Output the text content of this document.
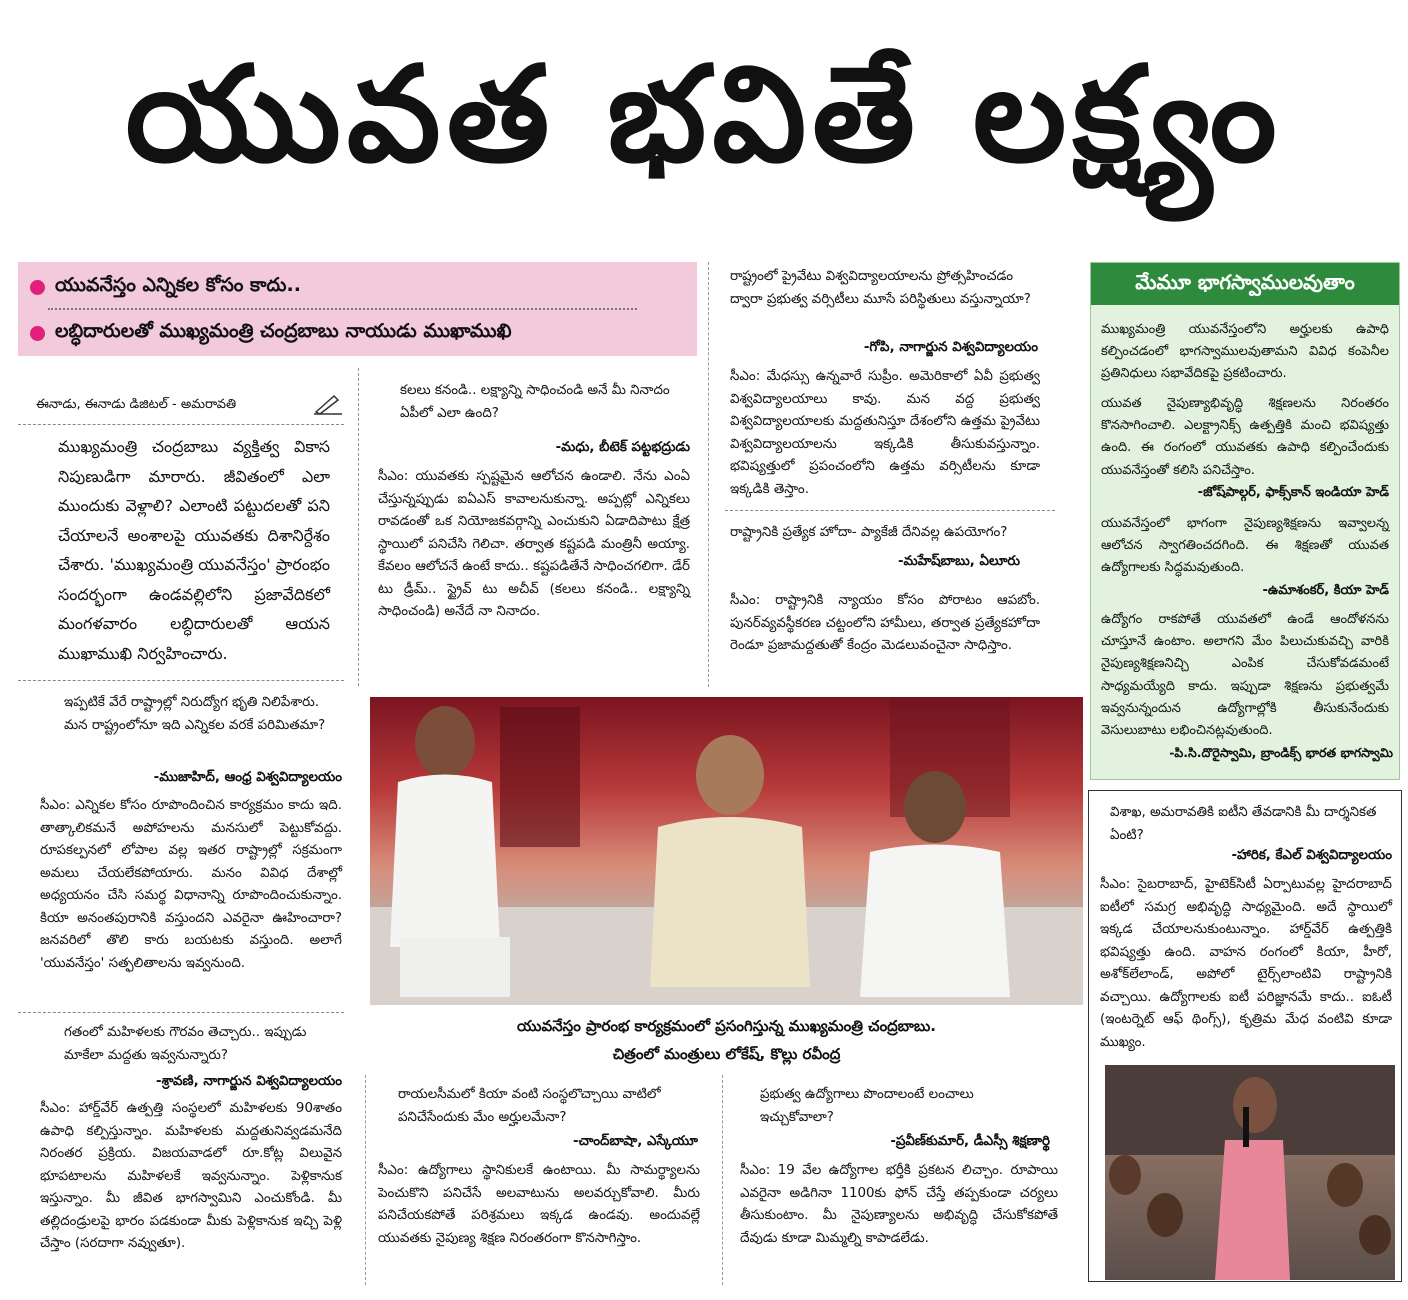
యువత భవితే లక్ష్యం
యువనేస్తం ఎన్నికల కోసం కాదు..
లబ్ధిదారులతో ముఖ్యమంత్రి చంద్రబాబు నాయుడు ముఖాముఖి
ఈనాడు, ఈనాడు డిజిటల్ - అమరావతి
ముఖ్యమంత్రి చంద్రబాబు వ్యక్తిత్వ వికాస నిపుణుడిగా మారారు. జీవితంలో ఎలా ముందుకు వెళ్లాలి? ఎలాంటి పట్టుదలతో పని చేయాలనే అంశాలపై యువతకు దిశానిర్దేశం చేశారు. 'ముఖ్యమంత్రి యువనేస్తం' ప్రారంభం సందర్భంగా ఉండవల్లిలోని ప్రజావేదికలో మంగళవారం లబ్ధిదారులతో ఆయన ముఖాముఖి నిర్వహించారు.
ఇప్పటికే వేరే రాష్ట్రాల్లో నిరుద్యోగ భృతి నిలిపేశారు. మన రాష్ట్రంలోనూ ఇది ఎన్నికల వరకే పరిమితమా?
-ముజాహిద్, ఆంధ్ర విశ్వవిద్యాలయం
సీఎం: ఎన్నికల కోసం రూపొందించిన కార్యక్రమం కాదు ఇది. తాత్కాలికమనే అపోహలను మనసులో పెట్టుకోవద్దు. రూపకల్పనలో లోపాల వల్ల ఇతర రాష్ట్రాల్లో సక్రమంగా అమలు చేయలేకపోయారు. మనం వివిధ దేశాల్లో అధ్యయనం చేసి సమర్థ విధానాన్ని రూపొందించుకున్నాం. కియా అనంతపురానికి వస్తుందని ఎవరైనా ఊహించారా? జనవరిలో తొలి కారు బయటకు వస్తుంది. అలాగే 'యువనేస్తం' సత్ఫలితాలను ఇవ్వనుంది.
గతంలో మహిళలకు గౌరవం తెచ్చారు.. ఇప్పుడు మాకేలా మద్దతు ఇవ్వనున్నారు?
-శ్రావణి, నాగార్జున విశ్వవిద్యాలయం
సీఎం: హార్డ్‌వేర్ ఉత్పత్తి సంస్థలలో మహిళలకు 90శాతం ఉపాధి కల్పిస్తున్నాం. మహిళలకు మద్దతునివ్వడమనేది నిరంతర ప్రక్రియ. విజయవాడలో రూ.కోట్ల విలువైన భూపటాలను మహిళలకే ఇవ్వనున్నాం. పెళ్లికానుక ఇస్తున్నాం. మీ జీవిత భాగస్వామిని ఎంచుకోండి. మీ తల్లిదండ్రులపై భారం పడకుండా మీకు పెళ్లికానుక ఇచ్చి పెళ్లి చేస్తాం (సరదాగా నవ్వుతూ).
కలలు కనండి.. లక్ష్యాన్ని సాధించండి అనే మీ నినాదం ఏపీలో ఎలా ఉంది?
-మధు, బీటెక్ పట్టభద్రుడు
సీఎం: యువతకు స్పష్టమైన ఆలోచన ఉండాలి. నేను ఎంఏ చేస్తున్నప్పుడు ఐఏఎస్ కావాలనుకున్నా. అప్పట్లో ఎన్నికలు రావడంతో ఒక నియోజకవర్గాన్ని ఎంచుకుని ఏడాదిపాటు క్షేత్ర స్థాయిలో పనిచేసి గెలిచా. తర్వాత కష్టపడి మంత్రినీ అయ్యా. కేవలం ఆలోచనే ఉంటే కాదు.. కష్టపడితేనే సాధించగలిగా. డేర్ టు డ్రీమ్.. స్ట్రైవ్ టు అచీవ్ (కలలు కనండి.. లక్ష్యాన్ని సాధించండి) అనేదే నా నినాదం.
రాష్ట్రంలో ప్రైవేటు విశ్వవిద్యాలయాలను ప్రోత్సహించడం ద్వారా ప్రభుత్వ వర్సిటీలు మూసే పరిస్థితులు వస్తున్నాయా?
-గోపి, నాగార్జున విశ్వవిద్యాలయం
సీఎం: మేధస్సు ఉన్నవారే సుప్రీం. అమెరికాలో ఏవీ ప్రభుత్వ విశ్వవిద్యాలయాలు కావు. మన వద్ద ప్రభుత్వ విశ్వవిద్యాలయాలకు మద్దతునిస్తూ దేశంలోని ఉత్తమ ప్రైవేటు విశ్వవిద్యాలయాలను ఇక్కడికి తీసుకువస్తున్నాం. భవిష్యత్తులో ప్రపంచంలోని ఉత్తమ వర్సిటీలను కూడా ఇక్కడికి తెస్తాం.
రాష్ట్రానికి ప్రత్యేక హోదా- ప్యాకేజీ దేనివల్ల ఉపయోగం?
-మహేష్‌బాబు, ఏలూరు
సీఎం: రాష్ట్రానికి న్యాయం కోసం పోరాటం ఆపబోం. పునర్‌వ్యవస్థీకరణ చట్టంలోని హామీలు, తర్వాత ప్రత్యేకహోదా రెండూ ప్రజామద్దతుతో కేంద్రం మెడలువంచైనా సాధిస్తాం.
మేమూ భాగస్వాములవుతాం
ముఖ్యమంత్రి యువనేస్తంలోని అర్హులకు ఉపాధి కల్పించడంలో భాగస్వాములవుతామని వివిధ కంపెనీల ప్రతినిధులు సభావేదికపై ప్రకటించారు.
యువత నైపుణ్యాభివృద్ధి శిక్షణలను నిరంతరం కొనసాగించాలి. ఎలక్ట్రానిక్స్ ఉత్పత్తికి మంచి భవిష్యత్తు ఉంది. ఈ రంగంలో యువతకు ఉపాధి కల్పించేందుకు యువనేస్తంతో కలిసి పనిచేస్తాం.
-జోష్‌పాల్గర్, ఫాక్స్‌కాన్ ఇండియా హెడ్
యువనేస్తంలో భాగంగా నైపుణ్యశిక్షణను ఇవ్వాలన్న ఆలోచన స్వాగతించదగింది. ఈ శిక్షణతో యువత ఉద్యోగాలకు సిద్ధమవుతుంది.
-ఉమాశంకర్, కియా హెడ్
ఉద్యోగం రాకపోతే యువతలో ఉండే ఆందోళనను చూస్తూనే ఉంటాం. అలాగని మేం పిలుచుకువచ్చి వారికి నైపుణ్యశిక్షణనిచ్చి ఎంపిక చేసుకోవడమంటే సాధ్యమయ్యేది కాదు. ఇప్పుడా శిక్షణను ప్రభుత్వమే ఇవ్వనున్నందున ఉద్యోగాల్లోకి తీసుకునేందుకు వెసులుబాటు లభించినట్లవుతుంది.
-పి.సి.దొరైస్వామి, బ్రాండిక్స్ భారత భాగస్వామి
యువనేస్తం ప్రారంభ కార్యక్రమంలో ప్రసంగిస్తున్న ముఖ్యమంత్రి చంద్రబాబు.
చిత్రంలో మంత్రులు లోకేష్, కొల్లు రవీంద్ర
రాయలసీమలో కియా వంటి సంస్థలొచ్చాయి వాటిలో పనిచేసేందుకు మేం అర్హులమేనా?
-చాంద్‌బాషా, ఎస్కేయూ
సీఎం: ఉద్యోగాలు స్థానికులకే ఉంటాయి. మీ సామర్థ్యాలను పెంచుకొని పనిచేసే అలవాటును అలవర్చుకోవాలి. మీరు పనిచేయకపోతే పరిశ్రమలు ఇక్కడ ఉండవు. అందువల్లే యువతకు నైపుణ్య శిక్షణ నిరంతరంగా కొనసాగిస్తాం.
ప్రభుత్వ ఉద్యోగాలు పొందాలంటే లంచాలు ఇచ్చుకోవాలా?
-ప్రవీణ్‌కుమార్, డీఎస్సీ శిక్షణార్థి
సీఎం: 19 వేల ఉద్యోగాల భర్తీకి ప్రకటన లిచ్చాం. రూపాయి ఎవరైనా అడిగినా 1100కు ఫోన్ చేస్తే తప్పకుండా చర్యలు తీసుకుంటాం. మీ నైపుణ్యాలను అభివృద్ధి చేసుకోకపోతే దేవుడు కూడా మిమ్మల్ని కాపాడలేడు.
విశాఖ, అమరావతికి ఐటీని తేవడానికి మీ దార్శనికత ఏంటి?
-హారిక, కేఎల్ విశ్వవిద్యాలయం
సీఎం: సైబరాబాద్, హైటెక్‌సిటీ ఏర్పాటువల్ల హైదరాబాద్ ఐటీలో సమగ్ర అభివృద్ధి సాధ్యమైంది. అదే స్థాయిలో ఇక్కడ చేయాలనుకుంటున్నాం. హార్డ్‌వేర్ ఉత్పత్తికి భవిష్యత్తు ఉంది. వాహన రంగంలో కియా, హీరో, అశోక్‌లేలాండ్, అపోలో టైర్స్‌లాంటివి రాష్ట్రానికి వచ్చాయి. ఉద్యోగాలకు ఐటీ పరిజ్ఞానమే కాదు.. ఐఓటీ (ఇంటర్నెట్ ఆఫ్ థింగ్స్), కృత్రిమ మేధ వంటివి కూడా ముఖ్యం.
